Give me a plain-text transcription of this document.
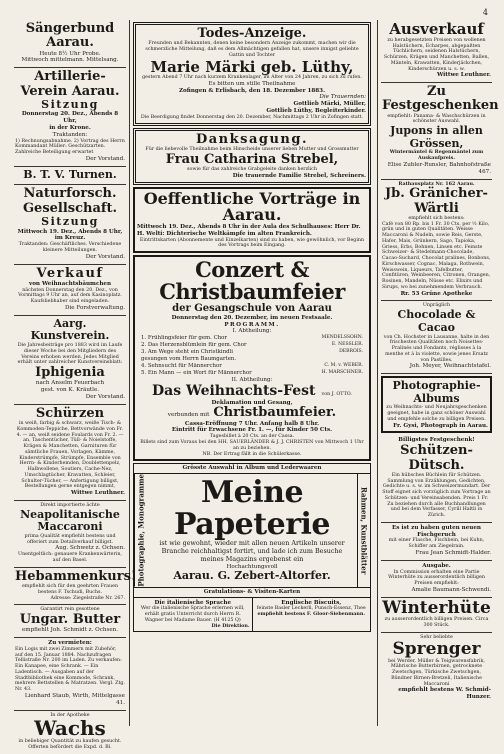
4
Sängerbund Aarau.
Heute 8½ Uhr Probe.
Mittwoch mittelmann. Mittelsang.
Artillerie-Verein Aarau.
Sitzung
Donnerstag 20. Dez., Abends 8 Uhr,
in der Krone.
Traktanden:
1) Rechnungsabnahme. 2) Vortrag des Herrn Kommandant Müller: Geschützarten. Zahlreiche Beteiligung erwartet
Der Vorstand.
B. T. V. Turnen.
Naturforsch. Gesellschaft.
Sitzung
Mittwoch 19. Dez., Abends 8 Uhr,
im Kreuz.
Traktanden: Geschäftliches. Verschiedene kleinere Mitteilungen.
Der Vorstand.
Verkauf
von Weihnachtsbäumchen
nächsten Donnerstag den 20. Dez., von Vormittags 9 Uhr an, auf dem Kasinoplatz. Kaufsliebhaber sind eingeladen.
Die Forstverwaltung.
Aarg. Kunstverein.
Die Jahresbeiträge pro 1883 wird im Laufe dieser Woche bei den Mitgliedern des Vereins erhoben werden. Jedes Mitglied erhält unter zahlreicher Kunstvereinsblatt:
Iphigenia
nach Anselm Feuerbach
gest. von K. Kräutle.
Der Vorstand.
Schürzen
in weiß, farbig & schwarz, weiße Tisch- & Kommoden-Teppiche, Bettvorwände von Fr. 4. — an, weiß seidene Foulards von Fr. 2. — an, Taschentücher, Tüll- & Noielstoffe, Krägen & Manchetten, Garnituren für sämtliche Frauen, Vorlagen, Kämme, Kinderstrümpfe, Strümpfe, Ensemble von Herrn- & Kinderhemden, Doublettenpelz, Halbwollene, Soutiers, Cache-Nez, Umschlagtücher, Kravatten, Schleier, Schulter-Tücher, — Anfertigung billigst, Bestellungen gerne entgegen nimmt,
Wittwe Leuthner.
Direkt importierte ächte
Neapolitanische Maccaroni
prima Qualität empfiehlt bestens und offeriert zum Detailverkauf billigst.
Aug. Schwetz z. Ochsen.
Unentgeltlich: genauere Krankenwärterin, auf den Basel.
Hebammenkurs!
empfiehlt sich für den geehrten Frauen bestens F. Tschudi, Buchs.
Adresse: Ziegelstraße Nr. 267.
Garantirt rein gesottene
Ungar. Butter
empfiehlt Joh. Schmidt z. Ochsen.
Zu vermieten:
Ein Logis mit zwei Zimmern mit Zubehör, auf den 15. Januar 1884. Nachzufragen Tellistraße Nr. 200 im Laden. Zu verkaufen: Ein Kanapee, eine Schrank. — Ein Ladentisch. — Ausgaben auf der Stadtbibliothek eine Kommode, Schrank, mehrere Bettstellen & Matratzen. Vergl. Ztg. Nr. 43.
Lienhard Staub, Wirth, Mittelgasse 41.
In der Apotheke
Wachs
in beliebiger Quantität zu kaufen gesucht. Offerten befördert die Expd. d. Bl.
Todes-Anzeige.
Freunden und Bekannten, denen keine besondern Anzeige zukommt, machen wir die schmerzliche Mitteilung, daß es dem Allmächtigen gefallen hat, unsere innigst geliebte Gattin und Tochter
Marie Märki geb. Lüthy,
gestern Abend 7 Uhr nach kurzem Krankenlager, im Alter von 24 Jahren, zu sich zu rufen.
Es bitten um stille Theilnahme
Zofingen & Erlisbach, den 18. Dezember 1883.
Die Trauernden:
Gottlieb Märki, Müller,
Gottlieb Lüthy, Begleiterkinder.
Die Beerdigung findet Donnerstag den 20. Dezember, Nachmittags 2 Uhr in Zofingen statt.
Danksagung.
Für die liebevolle Theilnahme beim Hinscheide unserer lieben Mutter und Grossmutter
Frau Catharina Strebel,
sowie für das zahlreiche Grabgeleite danken herzlich
Die trauernde Familie Strebel, Schreiners.
Oeffentliche Vorträge in Aarau.
Mittwoch 19. Dez., Abends 8 Uhr in der Aula des Schulhauses: Herr Dr. H. Welti: Dichterische Weltkämpfe im alten Frankreich.
Eintrittskarten (Abonnemente und Einzelkarten) sind zu haben, wie gewöhnlich, vor Beginn des Vortrags beim Eingang.
Conzert & Christbaumfeier
der Gesangschule von Aarau
Donnerstag den 20. Dezember, im neuen Festsaale.
PROGRAMM.
I. Abtheilung:
1. Frühlingsfeier für gem. Chor	MENDELSSOHN.
2. Das Herzensblümlein für gem. Chor	E. NESSLER.
3. Am Wege steht ein Christkindli	DEBROIS.
gesungen vom Herrn Baumgarten.
4. Sehnsucht für Männerchor	C. M. v. WEBER.
5. Ein Mann — ein Wort für Männerchor	H. MARSCHNER.
II. Abtheilung:
Das Weihnachts-Fest von J. OTTO.
Deklamation und Gesang,
verbunden mit Christbaumfeier.
Cassa-Eröffnung 7 Uhr. Anfang halb 8 Uhr.
Eintritt für Erwachsene Fr. 1. —, für Kinder 50 Cts.
Tagesbillet à 20 Cts. an der Cassa.
Billets sind zum Voraus bei den HH. SAUERLÄNDER & J. J. CHRISTEN von Mittwoch 1 Uhr an zu beziehen.
NB. Der Ertrag fällt in die Schülerkasse.
Grösste Auswahl in Album und Lederwaaren
Photographie, Monogramme	Meine Papeterie
ist wie gewohnt, wieder mit allen neuen Artikeln unserer Branche reichhaltigst fortirt, und lade ich zum Besuche meines Magazins ergebenst ein
Hochachtungsvoll
Aarau. G. Zebert-Altorfer.
Rahmen, Kunstblätter
Gratulations- & Visiten-Karten
Die italienische Sprache
Wer die italienische Sprache erlernen will, erhält gratis Unterricht durch Herrn R. Wagner bei Madame Bauer. (H 4125 Q)
Die Direktion.
Englische Biscuits,
feinste Basler Leckerli, Punsch-Essenz, Thee
empfiehlt bestens F. Gloor-Siebenmann.
Ausverkauf
zu herabgesetzten Preisen von wollenen Halstüchern, Echarpes, abgepaßten Tüchlichern, seidenen Halstüchern, Schürzen, Krägen und Manchetten, Ballen, Mänteln, Krawatten, Kinderjäckchen, Kinderschürzen u. s. w.
Wittwe Leuthner.
Zu Festgeschenken
empfiehlt: Panama- & Waschschürzen in schönster Auswahl.
Jupons in allen Grössen,
Wintermäntel & Regenmäntel zum Auskaufpreis.
Elise Zubler-Runsler, Bahnhofstraße 467.
Rathausplatz Nr. 162 Aarau.
Jb. Gränicher-Wärtli
empfiehlt sich bestens:
Café von 80 Rp. bis 1 Fr. 30 Cts. per ½ Kilo, grün und in guten Qualitäten. Weisse Maccaroni & Nudeln, sowie Reis, Gerste, Hafer, Mais, Grünkern, Sago, Tapioka, Griess, Erbs, Bohnen, Linsen etc. Feinste Schweizer- & Stedelmann-Chocolade, Cacao-Suchard, Chocolat pralines, Bonbons, Kirschwasser, Cognac, Malaga, Rothwein, Weisswein, Liqueurs, Tafelbutter, Confitüren, Weinbeeren, Citronen, Orangen, Rosinen, Mandeln, Nüsse etc. Elixirs und Sirups, wo bei zunehmendem Verbrauch.
Rr. 53 Grüne Apotheke
Unpräglich
Chocolade & Cacao
von Ch. Hochster in Lausanne, halte in den frischesten Qualitäten noch Noisettes-Pralinés und Fondants, réglisses à la menthe et à la violette, sowie jenes Ersatz von Pastilles.
Joh. Meyer, Weihnachtstafel.
Photographie-Albums
zu Weihnachts- und Neujahrsgeschenken geeignet, habe in ganz schöner Auswahl und empfehle solche zu billigen Preisen.
Fr. Gysi, Photograph in Aarau.
Billigstes Festgeschenk!
Schützen-Dütsch.
Ein hübsches Büchlein für Schützen. Sammlung von Erzählungen, Gedichten, Gedichte u. s. w. im Schweizermundart. Der Stoff eignet sich vorzüglich zum Vortrage an Schützen- und Vereinsabenden. Preis 1 Fr. Zu beziehen durch alle Buchhandlungen und bei dem Verfasser, Cyrill Haltli in Zürich.
Es ist zu haben guten neuen Fischgeruch
mit einer Flasche, Fischbein, bei Kuhn, Schiffer am Ziegelrain.
Frau Jean Schmidt-Halder.
Ausgabe.
In Commission erhalten eine Partie Winterhüte zu ausserordentlich billigen Preisen empfiehlt:
Amalie Baumann-Schwendi.
Winterhüte
zu ausserordentlich billigen Preisen. Circa 300 Stück.
Sehr beliebte
Sprenger
bei Werder, Müller & Teigwarensfabrik, Mährische Butterbirnen, getrocknete Zwetschgen, Türkische Zwetschgen, Bündner Birnen-Bretzeli, Italienische Maccaroni
empfiehlt bestens W. Schmid-Hunzer.
